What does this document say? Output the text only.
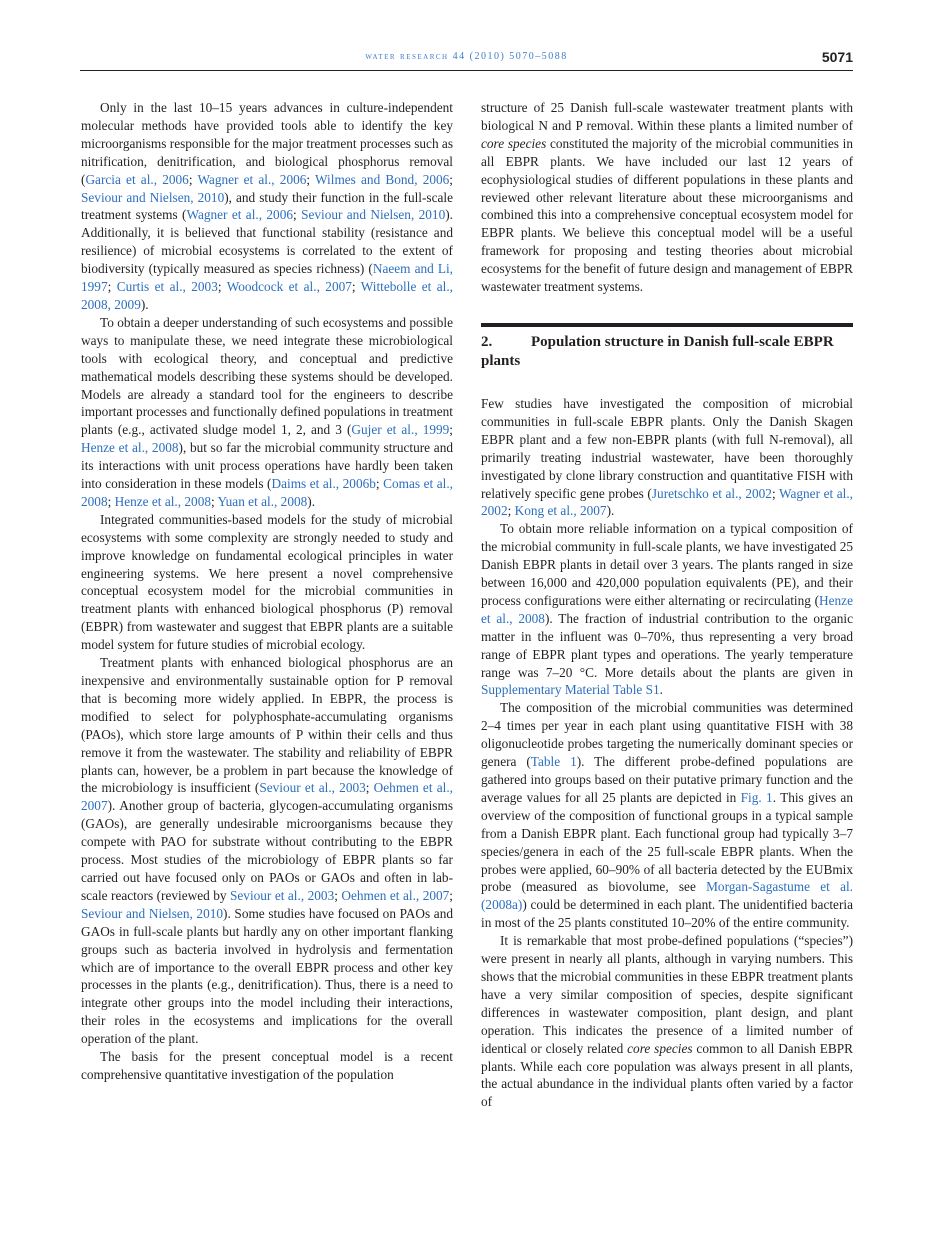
water research 44 (2010) 5070–5088	5071

Only in the last 10–15 years advances in culture-independent molecular methods have provided tools able to identify the key microorganisms responsible for the major treatment processes such as nitrification, denitrification, and biological phosphorus removal (Garcia et al., 2006; Wagner et al., 2006; Wilmes and Bond, 2006; Seviour and Nielsen, 2010), and study their function in the full-scale treatment systems (Wagner et al., 2006; Seviour and Nielsen, 2010). Additionally, it is believed that functional stability (resistance and resilience) of microbial ecosystems is correlated to the extent of biodiversity (typically measured as species richness) (Naeem and Li, 1997; Curtis et al., 2003; Woodcock et al., 2007; Wittebolle et al., 2008, 2009).

To obtain a deeper understanding of such ecosystems and possible ways to manipulate these, we need integrate these microbiological tools with ecological theory, and conceptual and predictive mathematical models describing these systems should be developed. Models are already a standard tool for the engineers to describe important processes and functionally defined populations in treatment plants (e.g., activated sludge model 1, 2, and 3 (Gujer et al., 1999; Henze et al., 2008), but so far the microbial community structure and its interactions with unit process operations have hardly been taken into consideration in these models (Daims et al., 2006b; Comas et al., 2008; Henze et al., 2008; Yuan et al., 2008).

Integrated communities-based models for the study of microbial ecosystems with some complexity are strongly needed to study and improve knowledge on fundamental ecological principles in water engineering systems. We here present a novel comprehensive conceptual ecosystem model for the microbial communities in treatment plants with enhanced biological phosphorus (P) removal (EBPR) from wastewater and suggest that EBPR plants are a suitable model system for future studies of microbial ecology.

Treatment plants with enhanced biological phosphorus are an inexpensive and environmentally sustainable option for P removal that is becoming more widely applied. In EBPR, the process is modified to select for polyphosphate-accumulating organisms (PAOs), which store large amounts of P within their cells and thus remove it from the wastewater. The stability and reliability of EBPR plants can, however, be a problem in part because the knowledge of the microbiology is insufficient (Seviour et al., 2003; Oehmen et al., 2007). Another group of bacteria, glycogen-accumulating organisms (GAOs), are generally undesirable microorganisms because they compete with PAO for substrate without contributing to the EBPR process. Most studies of the microbiology of EBPR plants so far carried out have focused only on PAOs or GAOs and often in lab-scale reactors (reviewed by Seviour et al., 2003; Oehmen et al., 2007; Seviour and Nielsen, 2010). Some studies have focused on PAOs and GAOs in full-scale plants but hardly any on other important flanking groups such as bacteria involved in hydrolysis and fermentation which are of importance to the overall EBPR process and other key processes in the plants (e.g., denitrification). Thus, there is a need to integrate other groups into the model including their interactions, their roles in the ecosystems and implications for the overall operation of the plant.

The basis for the present conceptual model is a recent comprehensive quantitative investigation of the population

structure of 25 Danish full-scale wastewater treatment plants with biological N and P removal. Within these plants a limited number of core species constituted the majority of the microbial communities in all EBPR plants. We have included our last 12 years of ecophysiological studies of different populations in these plants and reviewed other relevant literature about these microorganisms and combined this into a comprehensive conceptual ecosystem model for EBPR plants. We believe this conceptual model will be a useful framework for proposing and testing theories about microbial ecosystems for the benefit of future design and management of EBPR wastewater treatment systems.

2.	Population structure in Danish full-scale EBPR plants

Few studies have investigated the composition of microbial communities in full-scale EBPR plants. Only the Danish Skagen EBPR plant and a few non-EBPR plants (with full N-removal), all primarily treating industrial wastewater, have been thoroughly investigated by clone library construction and quantitative FISH with relatively specific gene probes (Juretschko et al., 2002; Wagner et al., 2002; Kong et al., 2007).

To obtain more reliable information on a typical composition of the microbial community in full-scale plants, we have investigated 25 Danish EBPR plants in detail over 3 years. The plants ranged in size between 16,000 and 420,000 population equivalents (PE), and their process configurations were either alternating or recirculating (Henze et al., 2008). The fraction of industrial contribution to the organic matter in the influent was 0–70%, thus representing a very broad range of EBPR plant types and operations. The yearly temperature range was 7–20 °C. More details about the plants are given in Supplementary Material Table S1.

The composition of the microbial communities was determined 2–4 times per year in each plant using quantitative FISH with 38 oligonucleotide probes targeting the numerically dominant species or genera (Table 1). The different probe-defined populations are gathered into groups based on their putative primary function and the average values for all 25 plants are depicted in Fig. 1. This gives an overview of the composition of functional groups in a typical sample from a Danish EBPR plant. Each functional group had typically 3–7 species/genera in each of the 25 full-scale EBPR plants. When the probes were applied, 60–90% of all bacteria detected by the EUBmix probe (measured as biovolume, see Morgan-Sagastume et al. (2008a)) could be determined in each plant. The unidentified bacteria in most of the 25 plants constituted 10–20% of the entire community.

It is remarkable that most probe-defined populations (“species”) were present in nearly all plants, although in varying numbers. This shows that the microbial communities in these EBPR treatment plants have a very similar composition of species, despite significant differences in wastewater composition, plant design, and plant operation. This indicates the presence of a limited number of identical or closely related core species common to all Danish EBPR plants. While each core population was always present in all plants, the actual abundance in the individual plants often varied by a factor of
